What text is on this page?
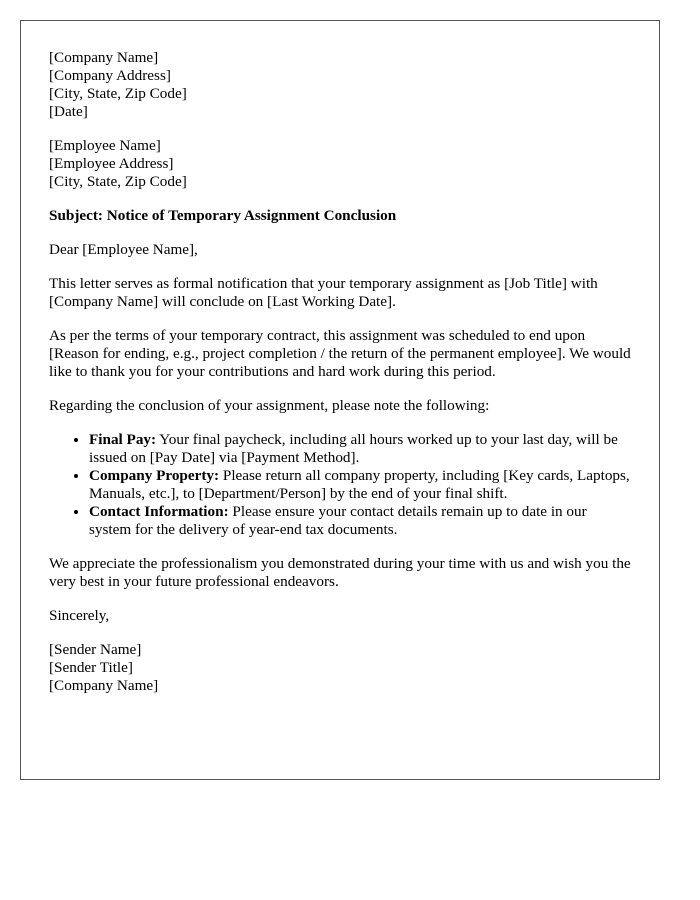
[Company Name]
[Company Address]
[City, State, Zip Code]
[Date]
[Employee Name]
[Employee Address]
[City, State, Zip Code]

Subject: Notice of Temporary Assignment Conclusion

Dear [Employee Name],

This letter serves as formal notification that your temporary assignment as [Job Title] with [Company Name] will conclude on [Last Working Date].

As per the terms of your temporary contract, this assignment was scheduled to end upon [Reason for ending, e.g., project completion / the return of the permanent employee]. We would like to thank you for your contributions and hard work during this period.

Regarding the conclusion of your assignment, please note the following:

• Final Pay: Your final paycheck, including all hours worked up to your last day, will be issued on [Pay Date] via [Payment Method].
• Company Property: Please return all company property, including [Key cards, Laptops, Manuals, etc.], to [Department/Person] by the end of your final shift.
• Contact Information: Please ensure your contact details remain up to date in our system for the delivery of year-end tax documents.

We appreciate the professionalism you demonstrated during your time with us and wish you the very best in your future professional endeavors.

Sincerely,

[Sender Name]
[Sender Title]
[Company Name]
